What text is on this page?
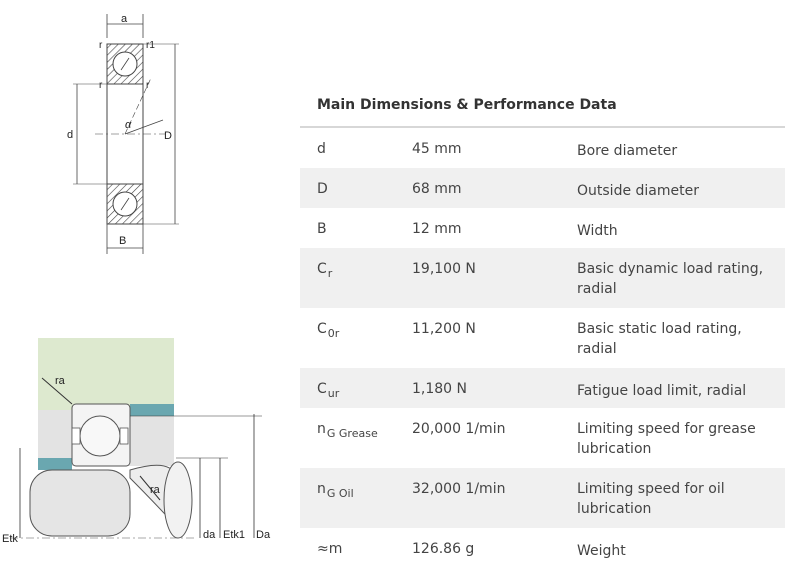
a
α
r	r1
r	r
d	D
B
ra
ra
Etk	da Etk1 Da
Main Dimensions & Performance Data
d	45 mm	Bore diameter
D	68 mm	Outside diameter
B	12 mm	Width
$C_r$	19,100 N	Basic dynamic load rating,
radial
$C_{0r}$	11,200 N	Basic static load rating,
radial
$C_{ur}$	1,180 N	Fatigue load limit, radial
$n_{G Grease}$	20,000 1/min	Limiting speed for grease
lubrication
$n_{G Oil}$	32,000 1/min	Limiting speed for oil
lubrication
≈m	126.86 g	Weight
